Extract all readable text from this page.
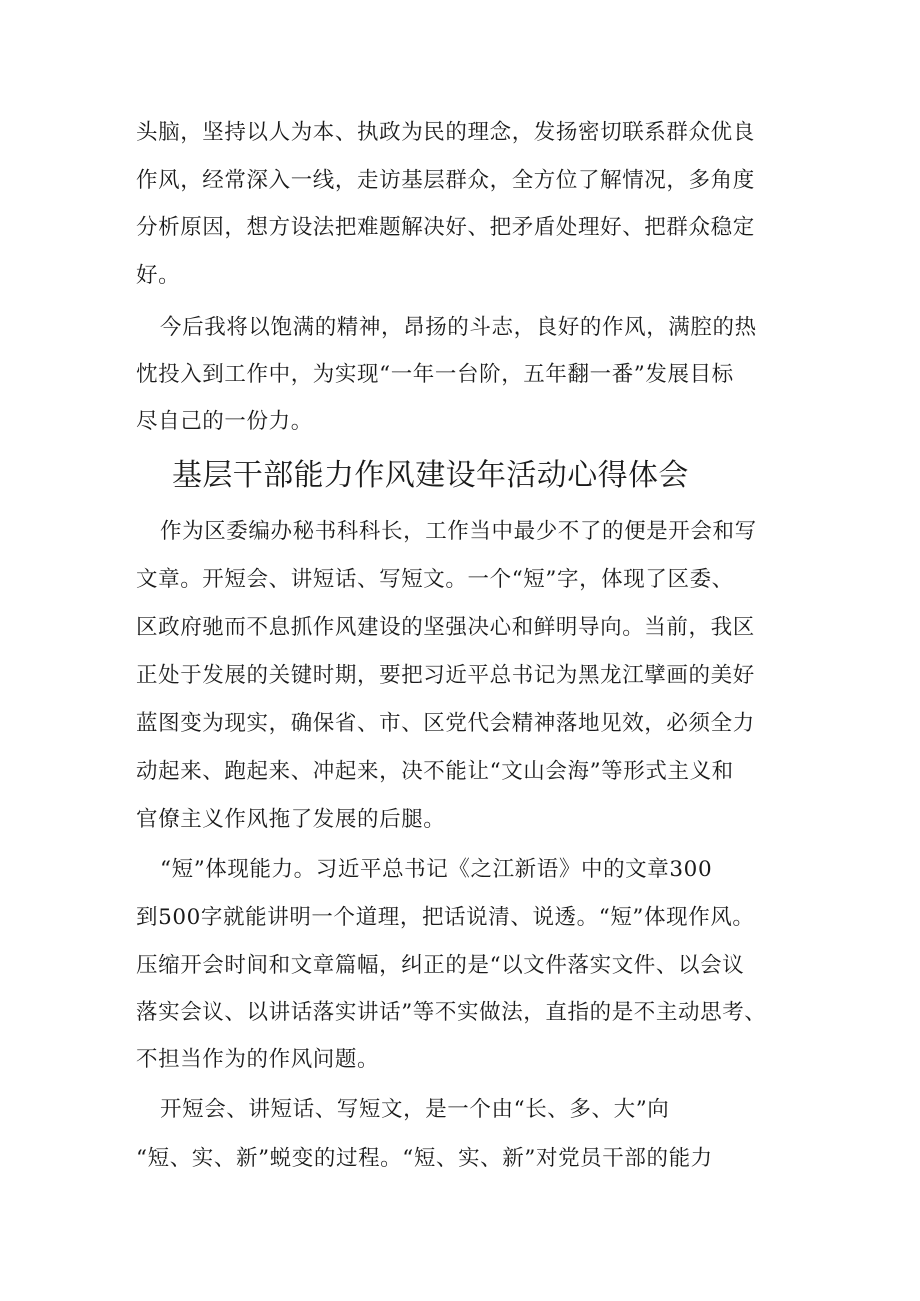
头脑，坚持以人为本、执政为民的理念，发扬密切联系群众优良
作风，经常深入一线，走访基层群众，全方位了解情况，多角度
分析原因，想方设法把难题解决好、把矛盾处理好、把群众稳定
好。
今后我将以饱满的精神，昂扬的斗志，良好的作风，满腔的热
忱投入到工作中，为实现“一年一台阶，五年翻一番”发展目标
尽自己的一份力。
基层干部能力作风建设年活动心得体会
作为区委编办秘书科科长，工作当中最少不了的便是开会和写
文章。开短会、讲短话、写短文。一个“短”字，体现了区委、
区政府驰而不息抓作风建设的坚强决心和鲜明导向。当前，我区
正处于发展的关键时期，要把习近平总书记为黑龙江擘画的美好
蓝图变为现实，确保省、市、区党代会精神落地见效，必须全力
动起来、跑起来、冲起来，决不能让“文山会海”等形式主义和
官僚主义作风拖了发展的后腿。
“短”体现能力。习近平总书记《之江新语》中的文章300
到500字就能讲明一个道理，把话说清、说透。“短”体现作风。
压缩开会时间和文章篇幅，纠正的是“以文件落实文件、以会议
落实会议、以讲话落实讲话”等不实做法，直指的是不主动思考、
不担当作为的作风问题。
开短会、讲短话、写短文，是一个由“长、多、大”向
“短、实、新”蜕变的过程。“短、实、新”对党员干部的能力
